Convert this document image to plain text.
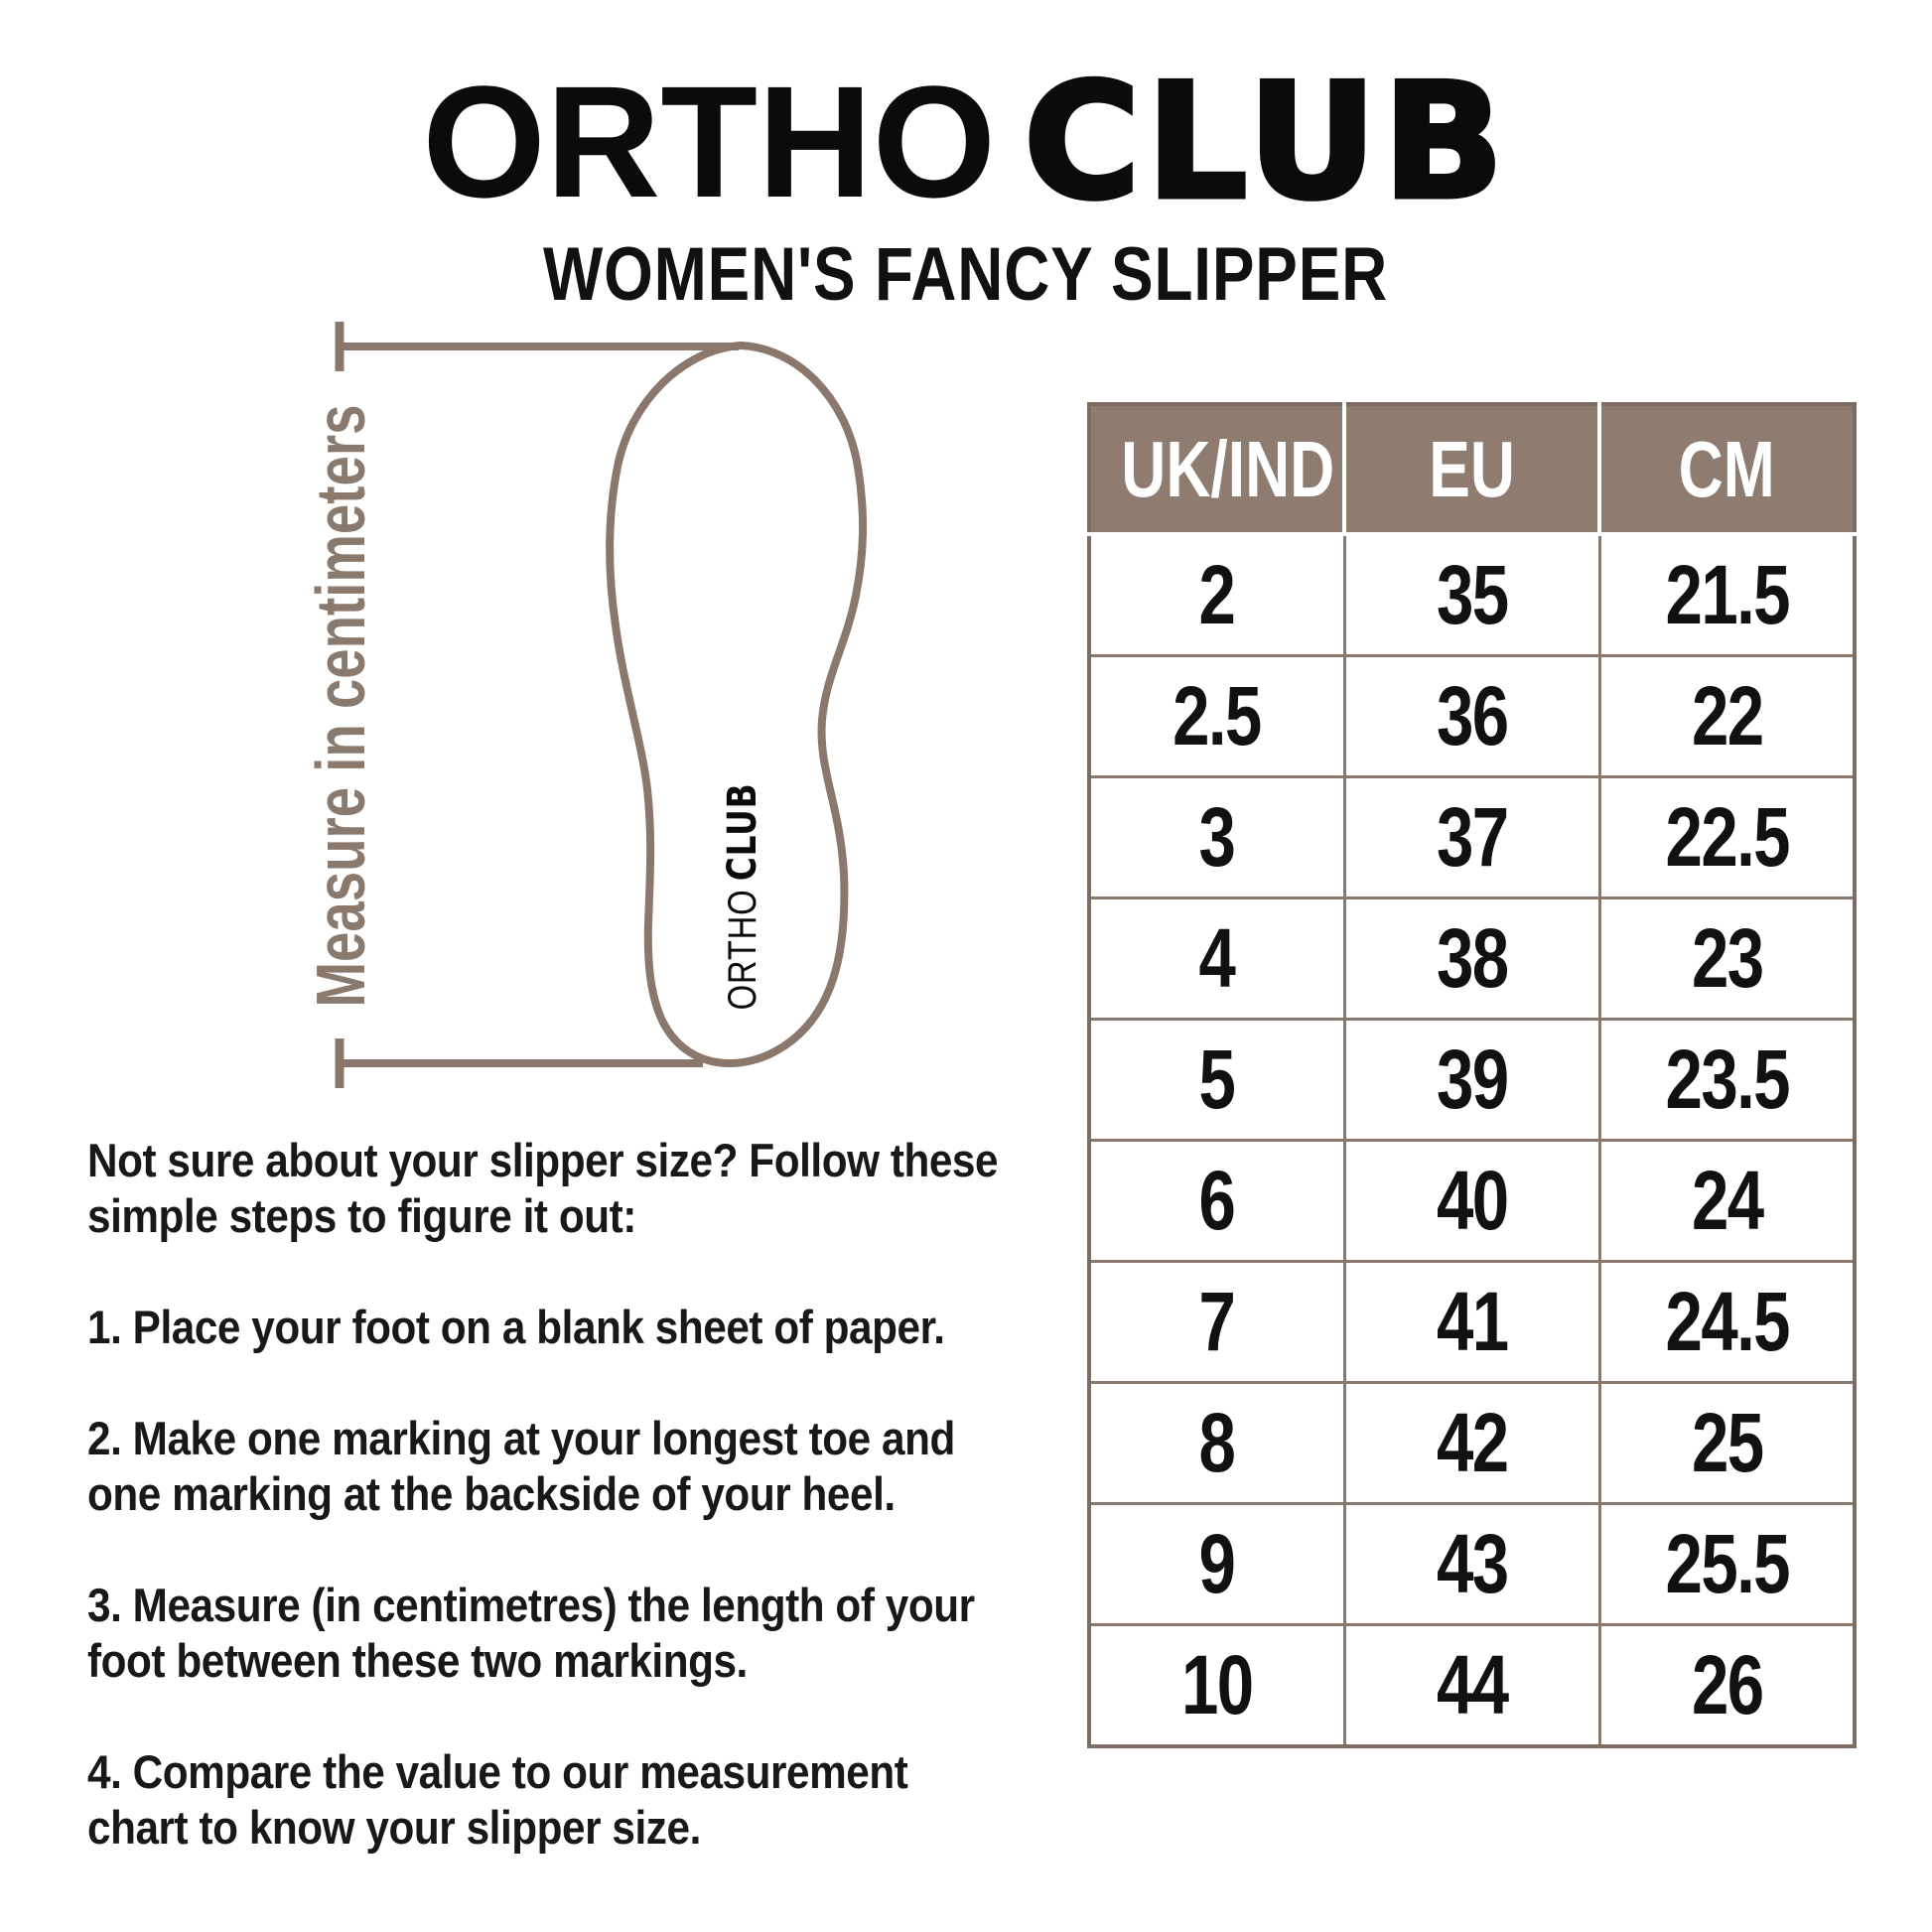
ORTHO CLUB
WOMEN'S FANCY SLIPPER
Measure in centimeters	ORTHOCLUB
UK/IND	EU	CM
2	35	21.5
2.5	36	22
3	37	22.5
4	38	23
5	39	23.5
6	40	24
7	41	24.5
8	42	25
9	43	25.5
10	44	26
Not sure about your slipper size? Follow these
simple steps to figure it out:
1. Place your foot on a blank sheet of paper.
2. Make one marking at your longest toe and
one marking at the backside of your heel.
3. Measure (in centimetres) the length of your
foot between these two markings.
4. Compare the value to our measurement
chart to know your slipper size.
